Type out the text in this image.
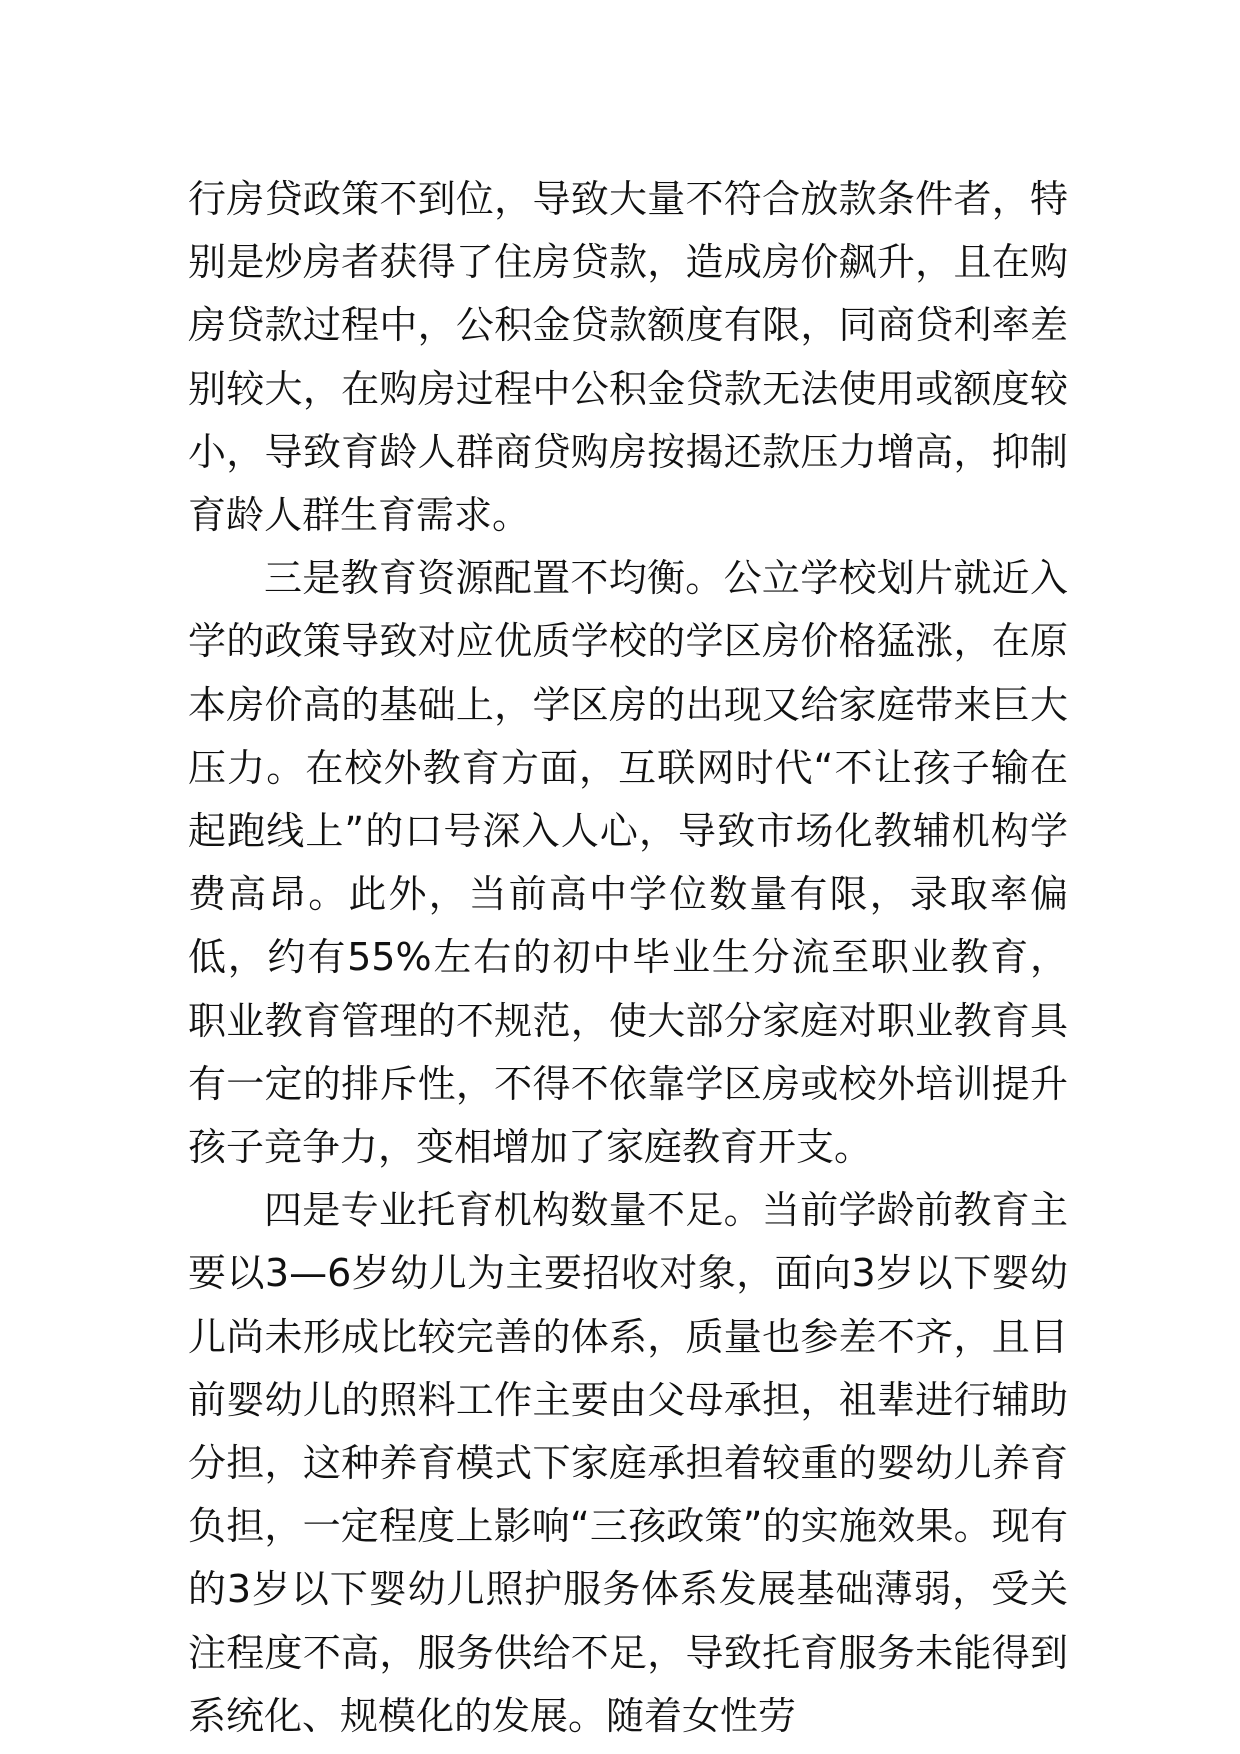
行房贷政策不到位，导致大量不符合放款条件者，特别是炒房者获得了住房贷款，造成房价飙升，且在购房贷款过程中，公积金贷款额度有限，同商贷利率差别较大，在购房过程中公积金贷款无法使用或额度较小，导致育龄人群商贷购房按揭还款压力增高，抑制育龄人群生育需求。

三是教育资源配置不均衡。公立学校划片就近入学的政策导致对应优质学校的学区房价格猛涨，在原本房价高的基础上，学区房的出现又给家庭带来巨大压力。在校外教育方面，互联网时代“不让孩子输在起跑线上”的口号深入人心，导致市场化教辅机构学费高昂。此外，当前高中学位数量有限，录取率偏低，约有55%左右的初中毕业生分流至职业教育，职业教育管理的不规范，使大部分家庭对职业教育具有一定的排斥性，不得不依靠学区房或校外培训提升孩子竞争力，变相增加了家庭教育开支。

四是专业托育机构数量不足。当前学龄前教育主要以3—6岁幼儿为主要招收对象，面向3岁以下婴幼儿尚未形成比较完善的体系，质量也参差不齐，且目前婴幼儿的照料工作主要由父母承担，祖辈进行辅助分担，这种养育模式下家庭承担着较重的婴幼儿养育负担，一定程度上影响“三孩政策”的实施效果。现有的3岁以下婴幼儿照护服务体系发展基础薄弱，受关注程度不高，服务供给不足，导致托育服务未能得到系统化、规模化的发展。随着女性劳
